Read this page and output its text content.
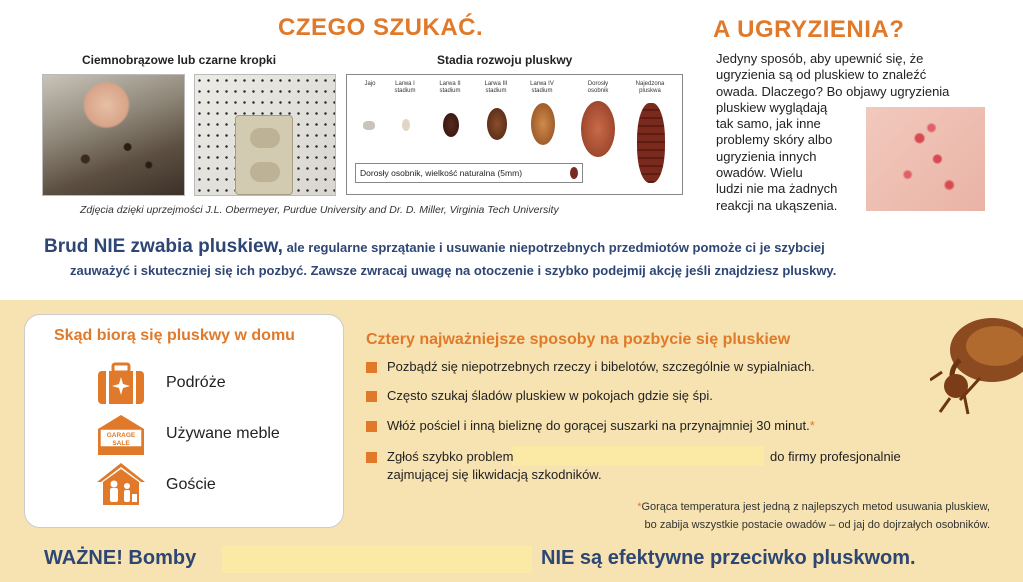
CZEGO SZUKAĆ.
Ciemnobrązowe lub czarne kropki	Stadia rozwoju pluskwy
Jajo	Larwa I
stadium
Larwa II
stadium
Larwa III
stadium
Larwa IV
stadium
Dorosły
osobnik
Najedzona
pluskwa
Dorosły osobnik, wielkość naturalna (5mm)
Zdjęcia dzięki uprzejmości J.L. Obermeyer, Purdue University and Dr. D. Miller, Virginia Tech University
A UGRYZIENIA?
Jedyny sposób, aby upewnić się, że
ugryzienia są od pluskiew to znaleźć
owada. Dlaczego? Bo objawy ugryzienia
pluskiew wyglądają
tak samo, jak inne
problemy skóry albo
ugryzienia innych
owadów. Wielu
ludzi nie ma żadnych
reakcji na ukąszenia.
Brud NIE zwabia pluskiew, ale regularne sprzątanie i usuwanie niepotrzebnych przedmiotów pomoże ci je szybciej
zauważyć i skuteczniej się ich pozbyć. Zawsze zwracaj uwagę na otoczenie i szybko podejmij akcję jeśli znajdziesz pluskwy.
Skąd biorą się pluskwy w domu
Podróże
GARAGE
SALE
Używane meble
Goście
Cztery najważniejsze sposoby na pozbycie się pluskiew
Pozbądź się niepotrzebnych rzeczy i bibelotów, szczególnie w sypialniach.
Często szukaj śladów pluskiew w pokojach gdzie się śpi.
Włóż pościel i inną bieliznę do gorącej suszarki na przynajmniej 30 minut.*
Zgłoś szybko problem	do firmy profesjonalnie
zajmującej się likwidacją szkodników.
*Gorąca temperatura jest jedną z najlepszych metod usuwania pluskiew,
bo zabija wszystkie postacie owadów – od jaj do dojrzałych osobników.
WAŻNE! Bomby	NIE są efektywne przeciwko pluskwom.
